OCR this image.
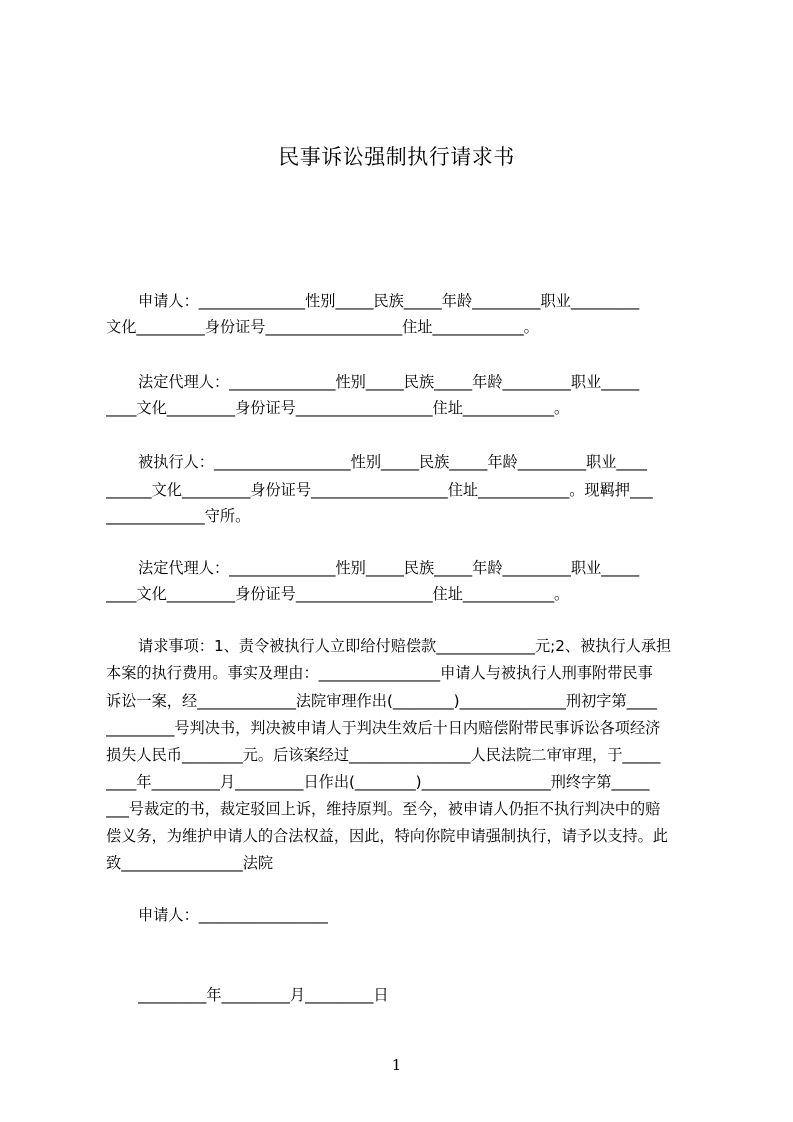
民事诉讼强制执行请求书
申请人：______________性别_____民族_____年龄_________职业_________
文化_________身份证号__________________住址____________。
法定代理人：______________性别_____民族_____年龄_________职业_____
____文化_________身份证号__________________住址____________。
被执行人：__________________性别_____民族_____年龄_________职业____
______文化_________身份证号__________________住址____________。现羁押___
_____________守所。
法定代理人：______________性别_____民族_____年龄_________职业_____
____文化_________身份证号__________________住址____________。
请求事项：1、责令被执行人立即给付赔偿款_____________元;2、被执行人承担
本案的执行费用。事实及理由：________________申请人与被执行人刑事附带民事
诉讼一案，经_____________法院审理作出(________)______________刑初字第____
_________号判决书，判决被申请人于判决生效后十日内赔偿附带民事诉讼各项经济
损失人民币________元。后该案经过________________人民法院二审审理，于_____
____年_________月_________日作出(________)_________________刑终字第_____
___号裁定的书，裁定驳回上诉，维持原判。至今，被申请人仍拒不执行判决中的赔
偿义务，为维护申请人的合法权益，因此，特向你院申请强制执行，请予以支持。此
致________________法院
申请人：_________________
_________年_________月_________日
1
